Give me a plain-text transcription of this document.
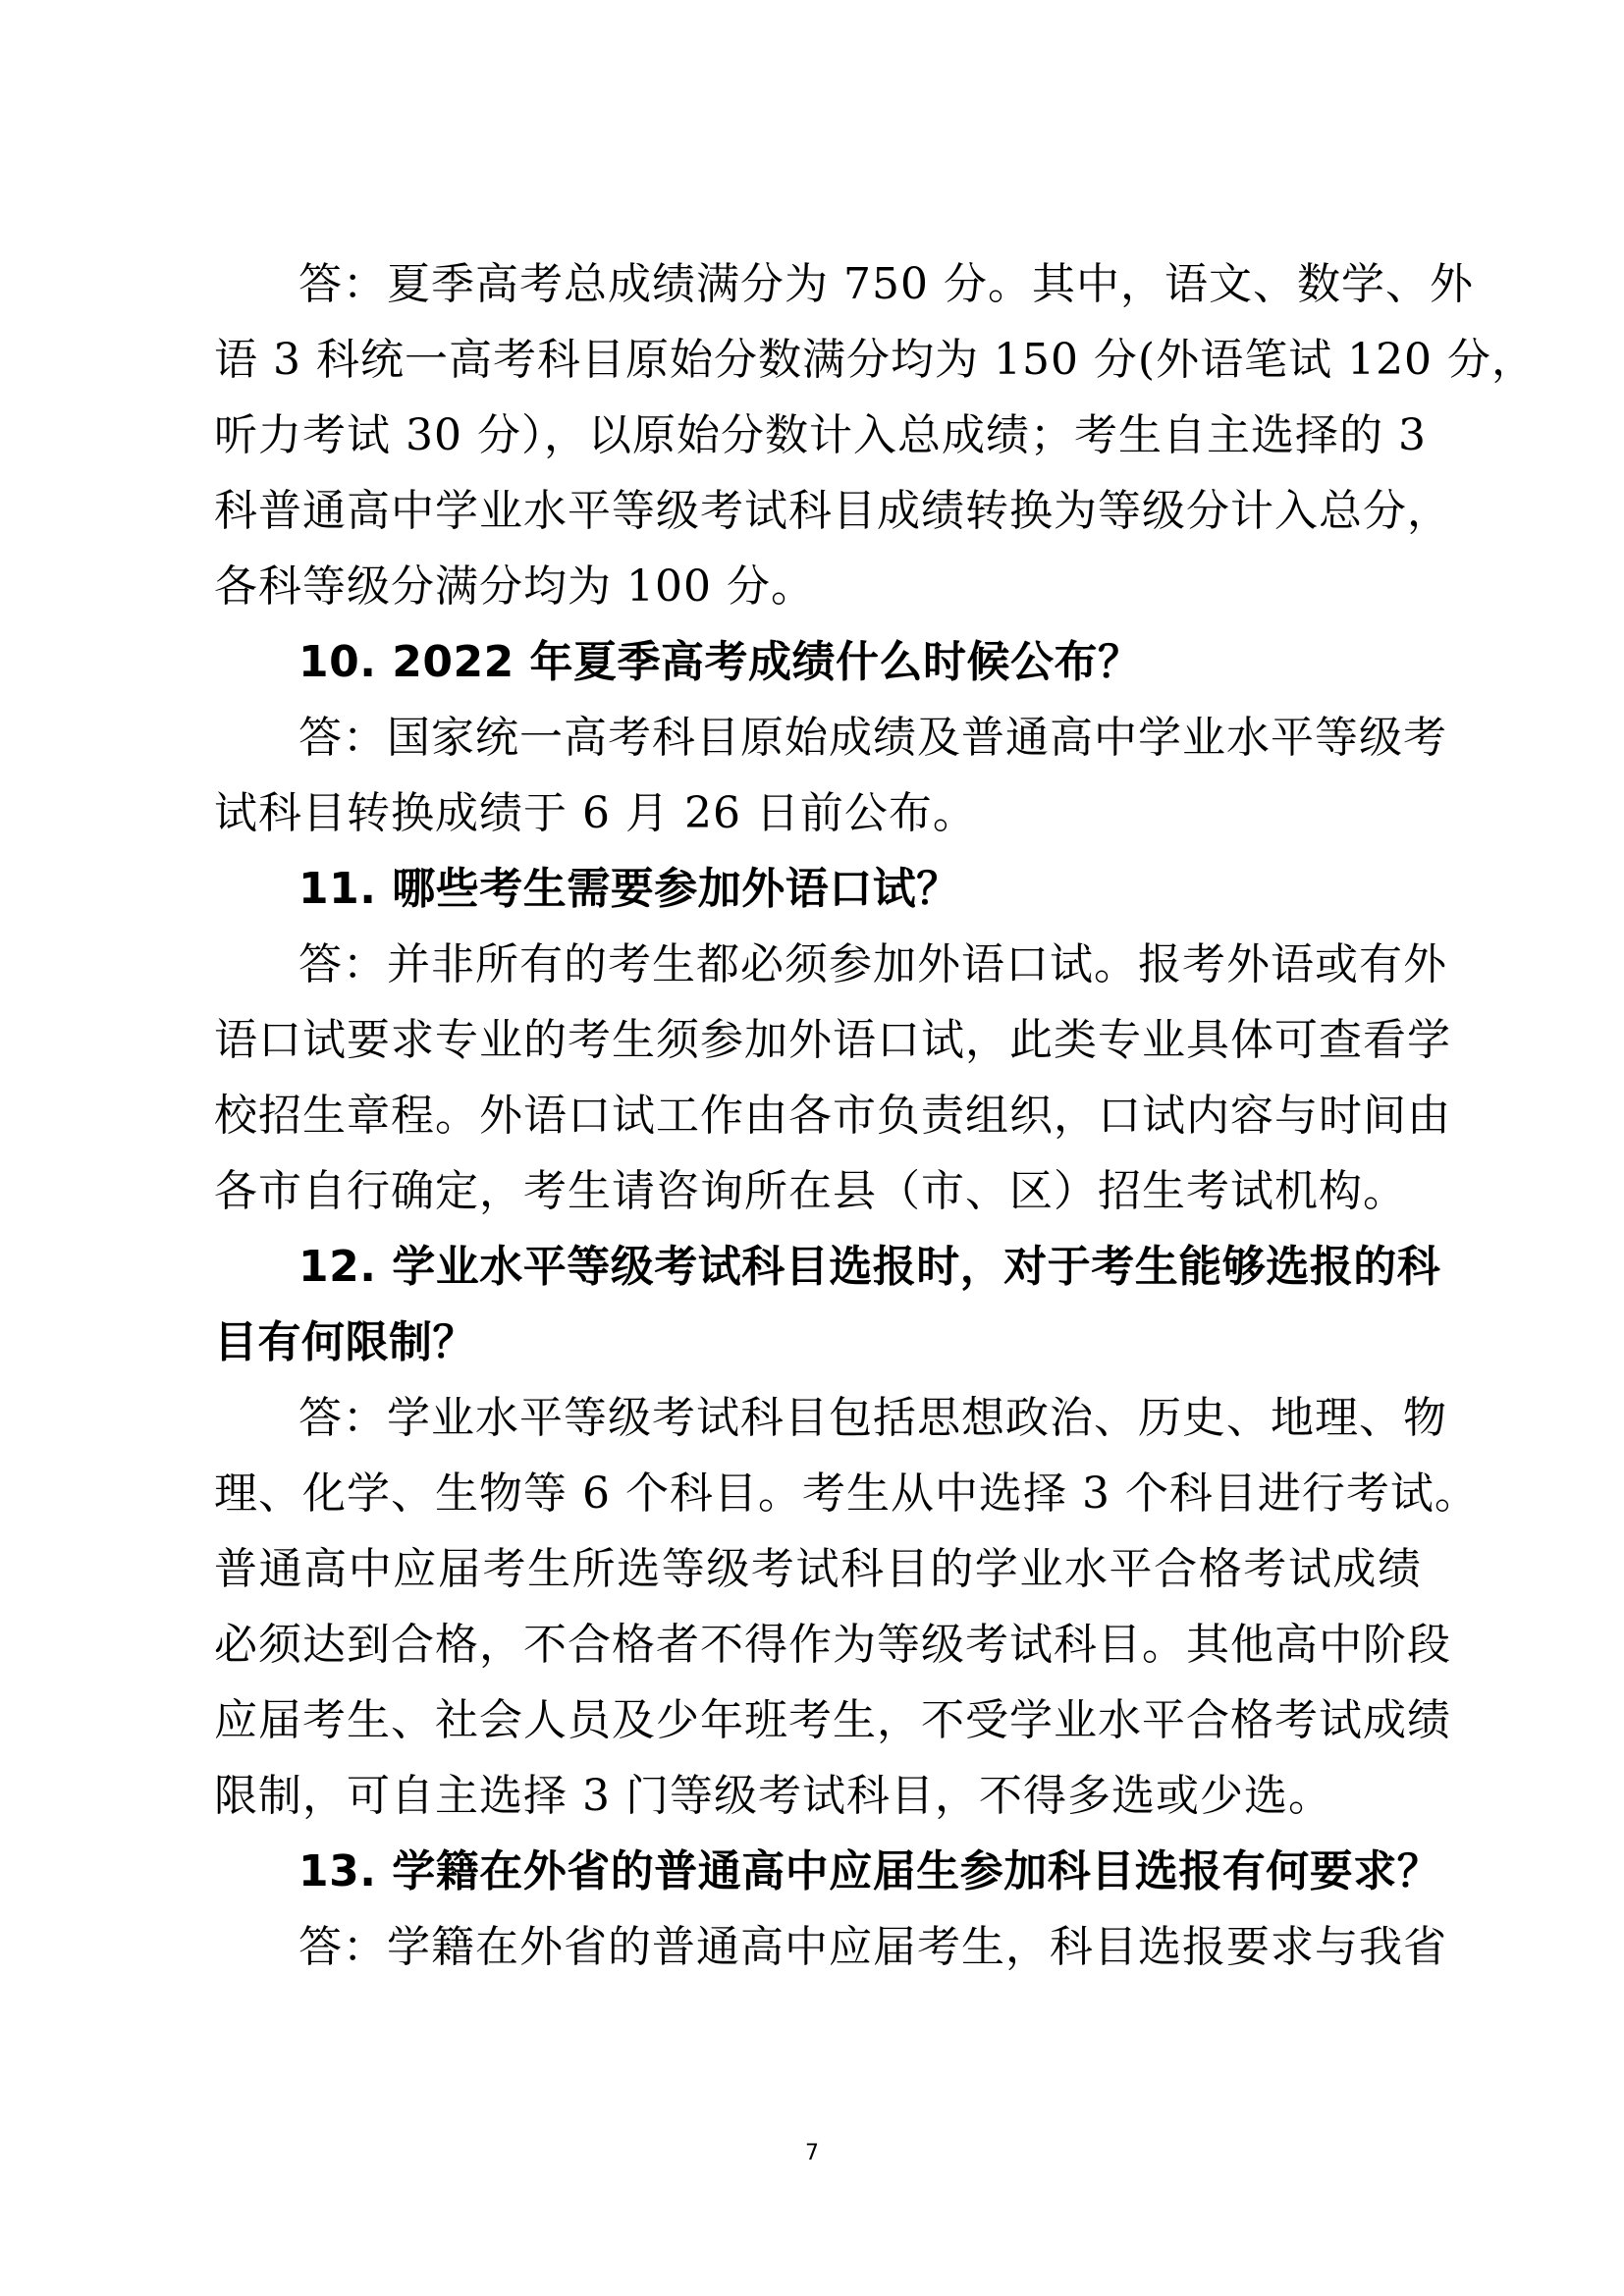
答：夏季高考总成绩满分为 750 分。其中，语文、数学、外
语 3 科统一高考科目原始分数满分均为 150 分(外语笔试 120 分，
听力考试 30 分），以原始分数计入总成绩；考生自主选择的 3
科普通高中学业水平等级考试科目成绩转换为等级分计入总分，
各科等级分满分均为 100 分。
10. 2022 年夏季高考成绩什么时候公布？
答：国家统一高考科目原始成绩及普通高中学业水平等级考
试科目转换成绩于 6 月 26 日前公布。
11. 哪些考生需要参加外语口试？
答：并非所有的考生都必须参加外语口试。报考外语或有外
语口试要求专业的考生须参加外语口试，此类专业具体可查看学
校招生章程。外语口试工作由各市负责组织，口试内容与时间由
各市自行确定，考生请咨询所在县（市、区）招生考试机构。
12. 学业水平等级考试科目选报时，对于考生能够选报的科
目有何限制？
答：学业水平等级考试科目包括思想政治、历史、地理、物
理、化学、生物等 6 个科目。考生从中选择 3 个科目进行考试。
普通高中应届考生所选等级考试科目的学业水平合格考试成绩
必须达到合格，不合格者不得作为等级考试科目。其他高中阶段
应届考生、社会人员及少年班考生，不受学业水平合格考试成绩
限制，可自主选择 3 门等级考试科目，不得多选或少选。
13. 学籍在外省的普通高中应届生参加科目选报有何要求？
答：学籍在外省的普通高中应届考生，科目选报要求与我省
7
